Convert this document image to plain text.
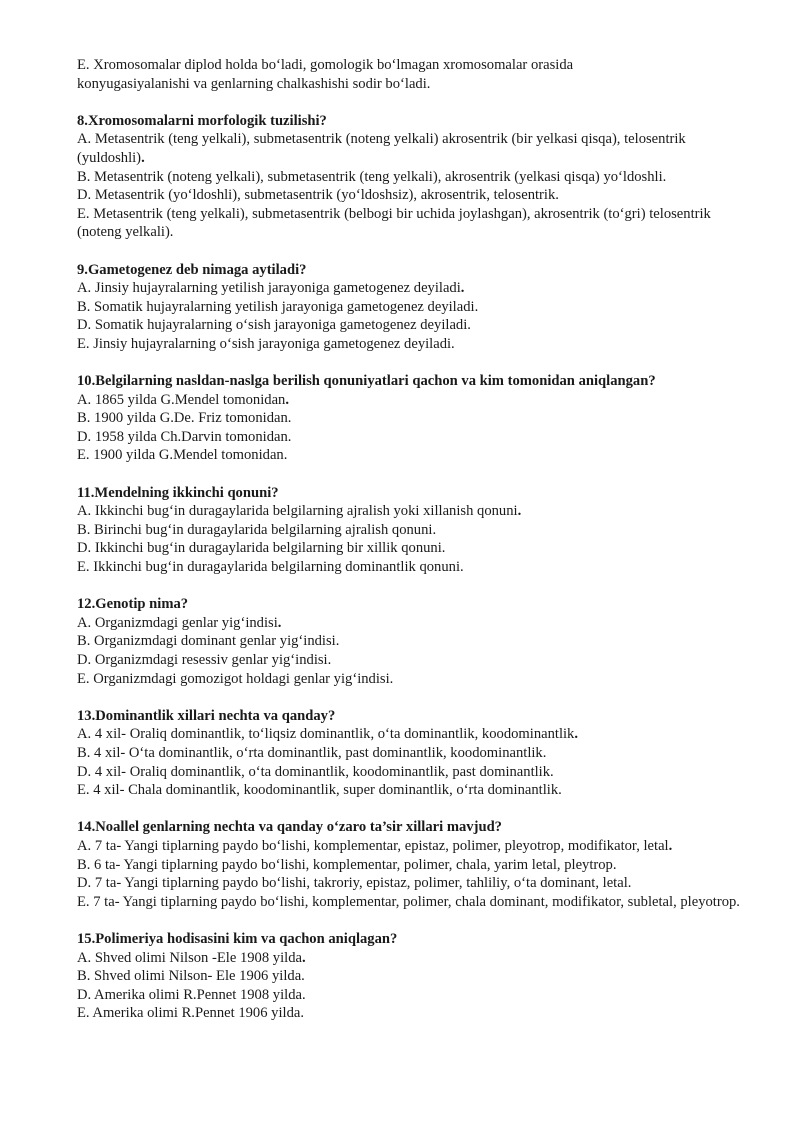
E. Xromosomalar diplod holda bo‘ladi, gomologik bo‘lmagan xromosomalar orasida

konyugasiyalanishi va genlarning chalkashishi sodir bo‘ladi.

8.Xromosomalarni morfologik tuzilishi?

A. Metasentrik (teng yelkali), submetasentrik (noteng yelkali) akrosentrik (bir yelkasi qisqa), telosentrik (yuldoshli).

B. Metasentrik (noteng yelkali), submetasentrik (teng yelkali), akrosentrik (yelkasi qisqa) yo‘ldoshli.

D. Metasentrik (yo‘ldoshli), submetasentrik (yo‘ldoshsiz), akrosentrik, telosentrik.

E. Metasentrik (teng yelkali), submetasentrik (belbogi bir uchida joylashgan), akrosentrik (to‘gri) telosentrik (noteng yelkali).

9.Gametogenez deb nimaga aytiladi?

A. Jinsiy hujayralarning yetilish jarayoniga gametogenez deyiladi.

B. Somatik hujayralarning yetilish jarayoniga gametogenez deyiladi.

D. Somatik hujayralarning o‘sish jarayoniga gametogenez deyiladi.

E. Jinsiy hujayralarning o‘sish jarayoniga gametogenez deyiladi.

10.Belgilarning nasldan-naslga berilish qonuniyatlari qachon va kim tomonidan aniqlangan?

A. 1865 yilda G.Mendel tomonidan.

B. 1900 yilda G.De. Friz tomonidan.

D. 1958 yilda Ch.Darvin tomonidan.

E. 1900 yilda G.Mendel tomonidan.

11.Mendelning ikkinchi qonuni?

A. Ikkinchi bug‘in duragaylarida belgilarning ajralish yoki xillanish qonuni.

B. Birinchi bug‘in duragaylarida belgilarning ajralish qonuni.

D. Ikkinchi bug‘in duragaylarida belgilarning bir xillik qonuni.

E. Ikkinchi bug‘in duragaylarida belgilarning dominantlik qonuni.

12.Genotip nima?

A. Organizmdagi genlar yig‘indisi.

B. Organizmdagi dominant genlar yig‘indisi.

D. Organizmdagi resessiv genlar yig‘indisi.

E. Organizmdagi gomozigot holdagi genlar yig‘indisi.

13.Dominantlik xillari nechta va qanday?

A. 4 xil- Oraliq dominantlik, to‘liqsiz dominantlik, o‘ta dominantlik, koodominantlik.

B. 4 xil- O‘ta dominantlik, o‘rta dominantlik, past dominantlik, koodominantlik.

D. 4 xil- Oraliq dominantlik, o‘ta dominantlik, koodominantlik, past dominantlik.

E. 4 xil- Chala dominantlik, koodominantlik, super dominantlik, o‘rta dominantlik.

14.Noallel genlarning nechta va qanday o‘zaro ta’sir xillari mavjud?

A. 7 ta- Yangi tiplarning paydo bo‘lishi, komplementar, epistaz, polimer, pleyotrop, modifikator, letal.

B. 6 ta- Yangi tiplarning paydo bo‘lishi, komplementar, polimer, chala, yarim letal, pleytrop.

D. 7 ta- Yangi tiplarning paydo bo‘lishi, takroriy, epistaz, polimer, tahliliy, o‘ta dominant, letal.

E. 7 ta- Yangi tiplarning paydo bo‘lishi, komplementar, polimer, chala dominant, modifikator, subletal, pleyotrop.

15.Polimeriya hodisasini kim va qachon aniqlagan?

A. Shved olimi Nilson -Ele 1908 yilda.

B. Shved olimi Nilson- Ele 1906 yilda.

D. Amerika olimi R.Pennet 1908 yilda.

E. Amerika olimi R.Pennet 1906 yilda.
